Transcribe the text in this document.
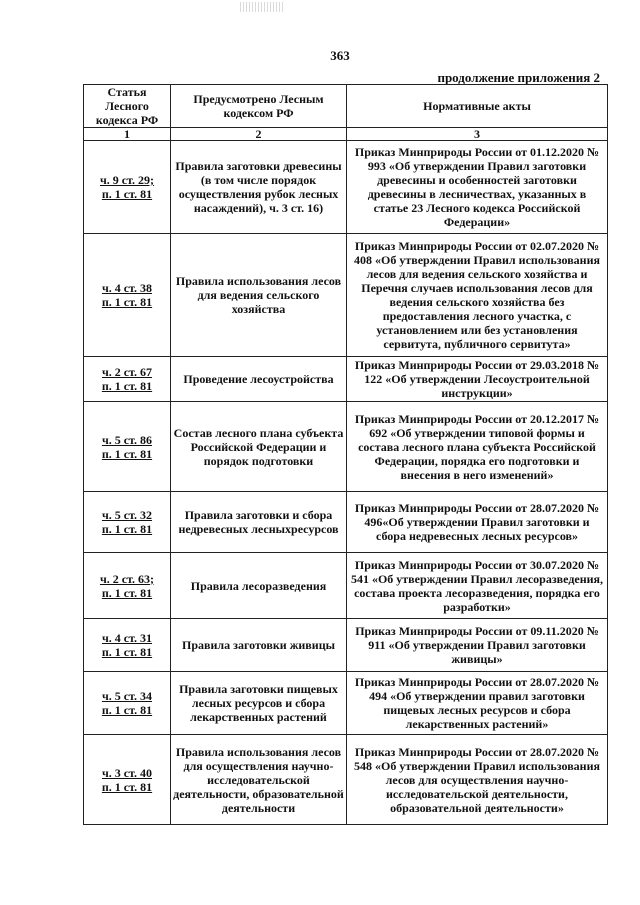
363
продолжение приложения 2
Статья Лесного кодекса РФ	Предусмотрено Лесным кодексом РФ	Нормативные акты
1	2	3

ч. 9 ст. 29;
п. 1 ст. 81	Правила заготовки древесины (в том числе порядок осуществления рубок лесных насаждений), ч. 3 ст. 16)	Приказ Минприроды России от 01.12.2020 № 993 «Об утверждении Правил заготовки древесины и особенностей заготовки древесины в лесничествах, указанных в статье 23 Лесного кодекса Российской Федерации»

ч. 4 ст. 38
п. 1 ст. 81	Правила использования лесов для ведения сельского хозяйства	Приказ Минприроды России от 02.07.2020 № 408 «Об утверждении Правил использования лесов для ведения сельского хозяйства и Перечня случаев использования лесов для ведения сельского хозяйства без предоставления лесного участка, с установлением или без установления сервитута, публичного сервитута»

ч. 2 ст. 67
п. 1 ст. 81	Проведение лесоустройства	Приказ Минприроды России от 29.03.2018 № 122 «Об утверждении Лесоустроительной инструкции»

ч. 5 ст. 86
п. 1 ст. 81	Состав лесного плана субъекта Российской Федерации и порядок подготовки	Приказ Минприроды России от 20.12.2017 № 692 «Об утверждении типовой формы и состава лесного плана субъекта Российской Федерации, порядка его подготовки и внесения в него изменений»

ч. 5 ст. 32
п. 1 ст. 81	Правила заготовки и сбора недревесных лесныхресурсов	Приказ Минприроды России от 28.07.2020 № 496«Об утверждении Правил заготовки и сбора недревесных лесных ресурсов»

ч. 2 ст. 63;
п. 1 ст. 81	Правила лесоразведения	Приказ Минприроды России от 30.07.2020 № 541 «Об утверждении Правил лесоразведения, состава проекта лесоразведения, порядка его разработки»

ч. 4 ст. 31
п. 1 ст. 81	Правила заготовки живицы	Приказ Минприроды России от 09.11.2020 № 911 «Об утверждении Правил заготовки живицы»

ч. 5 ст. 34
п. 1 ст. 81	Правила заготовки пищевых лесных ресурсов и сбора лекарственных растений	Приказ Минприроды России от 28.07.2020 № 494 «Об утверждении правил заготовки пищевых лесных ресурсов и сбора лекарственных растений»

ч. 3 ст. 40
п. 1 ст. 81	Правила использования лесов для осуществления научно-исследовательской деятельности, образовательной деятельности	Приказ Минприроды России от 28.07.2020 № 548 «Об утверждении Правил использования лесов для осуществления научно-исследовательской деятельности, образовательной деятельности»
